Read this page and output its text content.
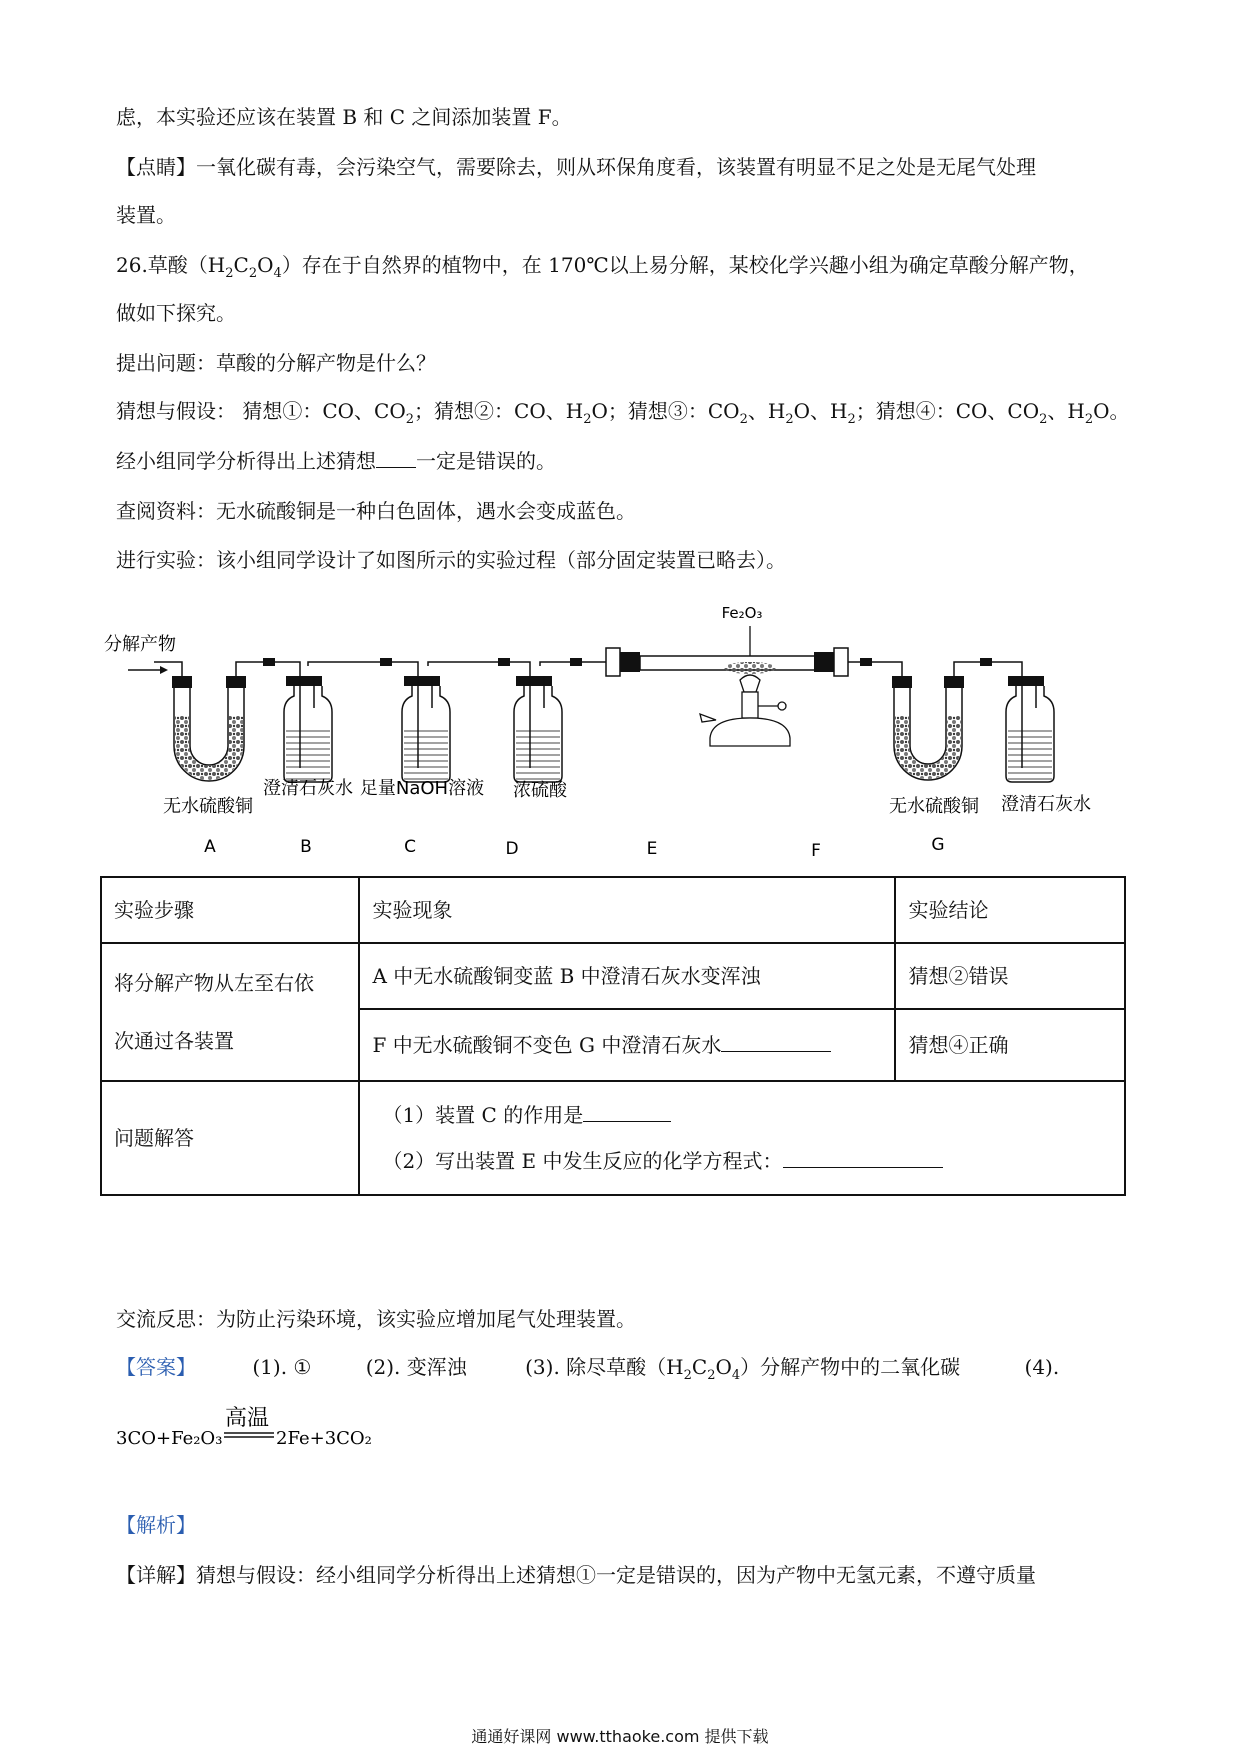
虑，本实验还应该在装置 B 和 C 之间添加装置 F。
【点睛】一氧化碳有毒，会污染空气，需要除去，则从环保角度看，该装置有明显不足之处是无尾气处理
装置。
26.草酸$(H_2C_2O_4)$存在于自然界的植物中，在 170℃以上易分解，某校化学兴趣小组为确定草酸分解产物，
做如下探究。
提出问题：草酸的分解产物是什么？
猜想与假设： 猜想①：CO、$CO_2$；猜想②：CO、$H_2O$；猜想③：$CO_2$、$H_2O$、$H_2$；猜想④：CO、$CO_2$、$H_2O$。
经小组同学分析得出上述猜想 一定是错误的。
查阅资料：无水硫酸铜是一种白色固体，遇水会变成蓝色。
进行实验：该小组同学设计了如图所示的实验过程（部分固定装置已略去）。
Fe₂O₃
分解产物
无水硫酸铜
澄清石灰水 足量NaOH溶液 浓硫酸
无水硫酸铜 澄清石灰水
A	B	C	D	E	F	G
实验步骤	实验现象	实验结论

将分解产物从左至右依
次通过各装置	A 中无水硫酸铜变蓝 B 中澄清石灰水变浑浊	猜想②错误
	F 中无水硫酸铜不变色 G 中澄清石灰水	猜想④正确
问题解答	（1）装置 C 的作用是
（2）写出装置 E 中发生反应的化学方程式：	
交流反思：为防止污染环境，该实验应增加尾气处理装置。
【答案】	(1). ①	(2). 变浑浊	(3). 除尽草酸$(H_2C_2O_4)$分解产物中的二氧化碳	(4).
高温
3CO+Fe₂O₃	2Fe+3CO₂
【解析】
【详解】猜想与假设：经小组同学分析得出上述猜想①一定是错误的，因为产物中无氢元素，不遵守质量
通通好课网 www.tthaoke.com 提供下载
